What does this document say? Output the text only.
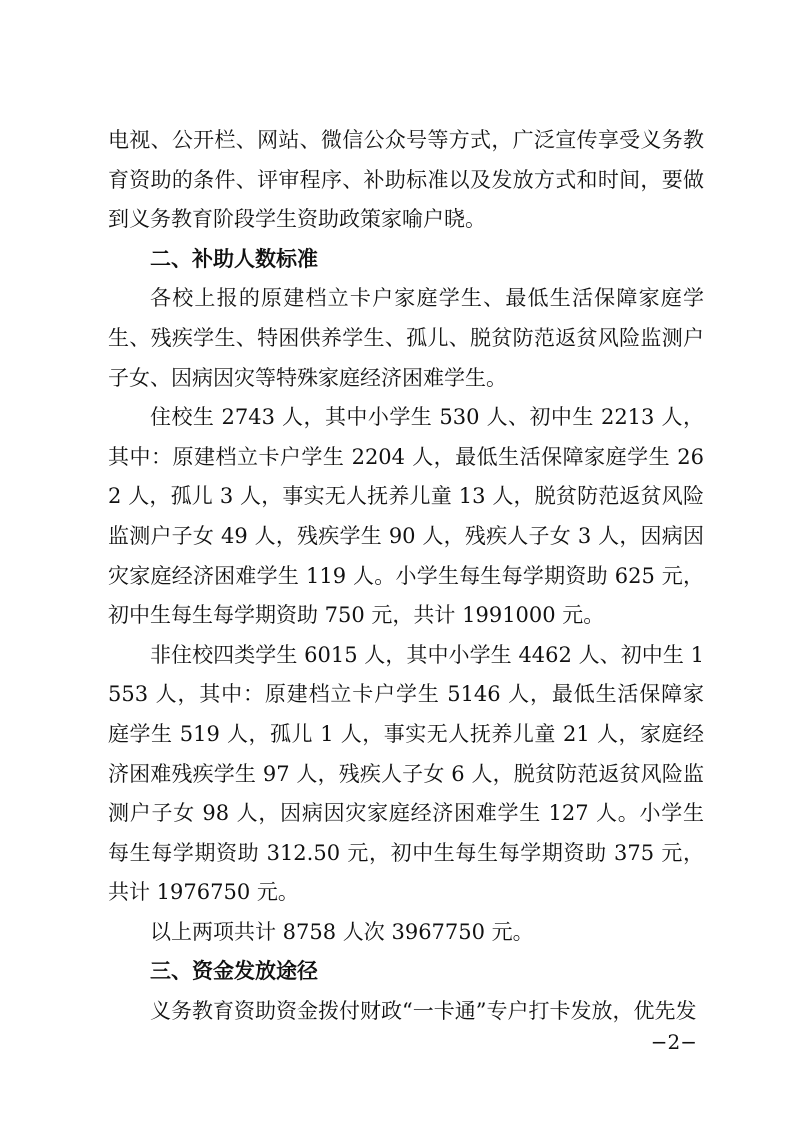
电视、公开栏、网站、微信公众号等方式，广泛宣传享受义务教育资助的条件、评审程序、补助标准以及发放方式和时间，要做到义务教育阶段学生资助政策家喻户晓。

二、补助人数标准

各校上报的原建档立卡户家庭学生、最低生活保障家庭学生、残疾学生、特困供养学生、孤儿、脱贫防范返贫风险监测户子女、因病因灾等特殊家庭经济困难学生。

住校生 2743 人，其中小学生 530 人、初中生 2213 人，其中：原建档立卡户学生 2204 人，最低生活保障家庭学生 262 人，孤儿 3 人，事实无人抚养儿童 13 人，脱贫防范返贫风险监测户子女 49 人，残疾学生 90 人，残疾人子女 3 人，因病因灾家庭经济困难学生 119 人。小学生每生每学期资助 625 元，初中生每生每学期资助 750 元，共计 1991000 元。

非住校四类学生 6015 人，其中小学生 4462 人、初中生 1553 人，其中：原建档立卡户学生 5146 人，最低生活保障家庭学生 519 人，孤儿 1 人，事实无人抚养儿童 21 人，家庭经济困难残疾学生 97 人，残疾人子女 6 人，脱贫防范返贫风险监测户子女 98 人，因病因灾家庭经济困难学生 127 人。小学生每生每学期资助 312.50 元，初中生每生每学期资助 375 元，共计 1976750 元。

以上两项共计 8758 人次 3967750 元。

三、资金发放途径

义务教育资助资金拨付财政“一卡通”专户打卡发放，优先发

−2−
